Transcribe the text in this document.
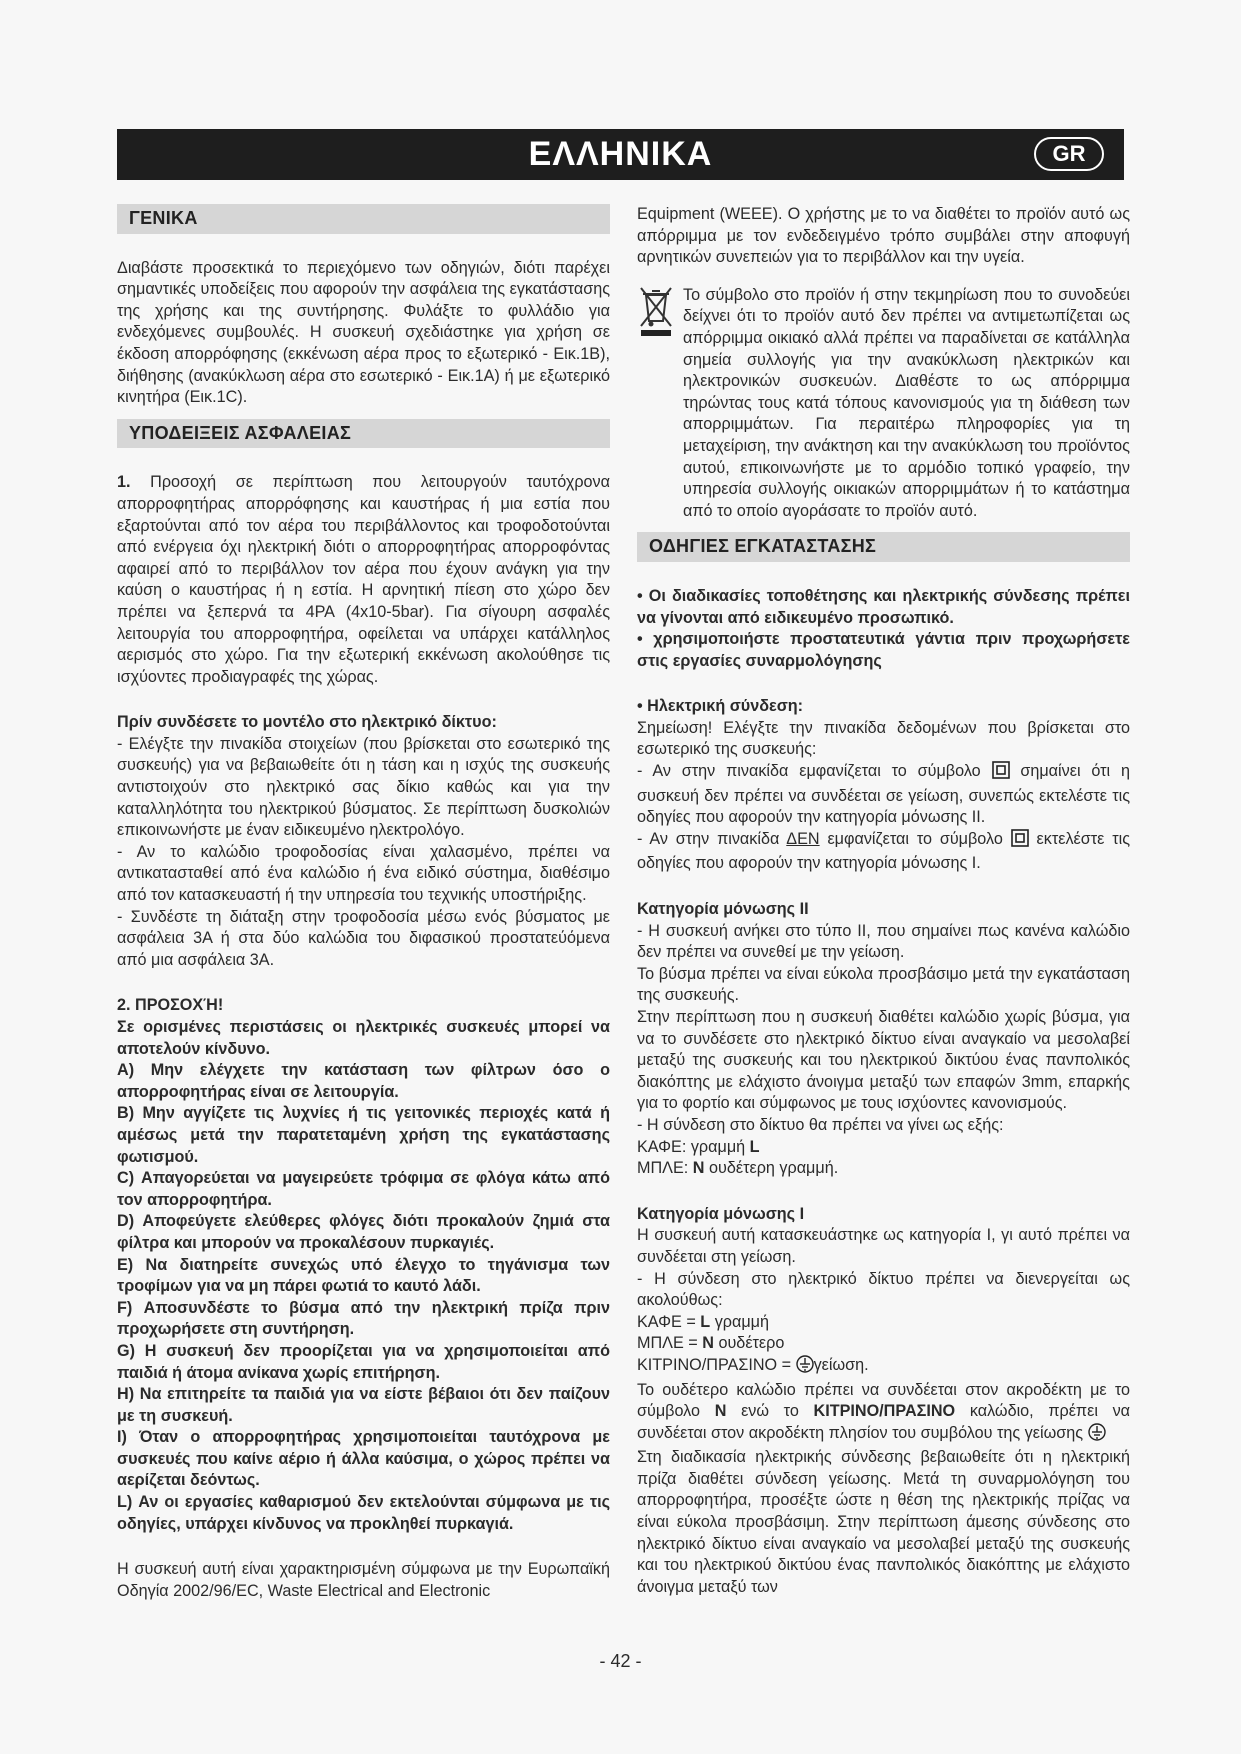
ΕΛΛΗΝΙΚΑ	GR
ΓΕΝΙΚΑ

Διαβάστε προσεκτικά το περιεχόμενο των οδηγιών, διότι παρέχει σημαντικές υποδείξεις που αφορούν την ασφάλεια της εγκατάστασης της χρήσης και της συντήρησης. Φυλάξτε το φυλλάδιο για ενδεχόμενες συμβουλές. Η συσκευή σχεδιάστηκε για χρήση σε έκδοση απορρόφησης (εκκένωση αέρα προς το εξωτερικό - Εικ.1B), διήθησης (ανακύκλωση αέρα στο εσωτερικό - Εικ.1A) ή με εξωτερικό κινητήρα (Εικ.1C).

ΥΠΟΔΕΙΞΕΙΣ ΑΣΦΑΛΕΙΑΣ

1. Προσοχή σε περίπτωση που λειτουργούν ταυτόχρονα απορροφητήρας απορρόφησης και καυστήρας ή μια εστία που εξαρτούνται από τον αέρα του περιβάλλοντος και τροφοδοτούνται από ενέργεια όχι ηλεκτρική διότι ο απορροφητήρας απορροφόντας αφαιρεί από το περιβάλλον τον αέρα που έχουν ανάγκη για την καύση ο καυστήρας ή η εστία. Η αρνητική πίεση στο χώρο δεν πρέπει να ξεπερνά τα 4PA (4x10-5bar). Για σίγουρη ασφαλές λειτουργία του απορροφητήρα, οφείλεται να υπάρχει κατάλληλος αερισμός στο χώρο. Για την εξωτερική εκκένωση ακολούθησε τις ισχύοντες προδιαγραφές της χώρας.

Πρίν συνδέσετε το μοντέλο στο ηλεκτρικό δίκτυο:

- Ελέγξτε την πινακίδα στοιχείων (που βρίσκεται στο εσωτερικό της συσκευής) για να βεβαιωθείτε ότι η τάση και η ισχύς της συσκευής αντιστοιχούν στο ηλεκτρικό σας δίκιο καθώς και για την καταλληλότητα του ηλεκτρικού βύσματος. Σε περίπτωση δυσκολιών επικοινωνήστε με έναν ειδικευμένο ηλεκτρολόγο.

- Αν το καλώδιο τροφοδοσίας είναι χαλασμένο, πρέπει να αντικατασταθεί από ένα καλώδιο ή ένα ειδικό σύστημα, διαθέσιμο από τον κατασκευαστή ή την υπηρεσία του τεχνικής υποστήριξης.

- Συνδέστε τη διάταξη στην τροφοδοσία μέσω ενός βύσματος με ασφάλεια 3A ή στα δύο καλώδια του διφασικού προστατεύόμενα από μια ασφάλεια 3A.

2. ΠΡΟΣΟΧΉ!

Σε ορισμένες περιστάσεις οι ηλεκτρικές συσκευές μπορεί να αποτελούν κίνδυνο.

A) Μην ελέγχετε την κατάσταση των φίλτρων όσο ο απορροφητήρας είναι σε λειτουργία.

B) Μην αγγίζετε τις λυχνίες ή τις γειτονικές περιοχές κατά ή αμέσως μετά την παρατεταμένη χρήση της εγκατάστασης φωτισμού.

C) Απαγορεύεται να μαγειρεύετε τρόφιμα σε φλόγα κάτω από τον απορροφητήρα.

D) Αποφεύγετε ελεύθερες φλόγες διότι προκαλούν ζημιά στα φίλτρα και μπορούν να προκαλέσουν πυρκαγιές.

E) Να διατηρείτε συνεχώς υπό έλεγχο το τηγάνισμα των τροφίμων για να μη πάρει φωτιά το καυτό λάδι.

F) Αποσυνδέστε το βύσμα από την ηλεκτρική πρίζα πριν προχωρήσετε στη συντήρηση.

G) Η συσκευή δεν προορίζεται για να χρησιμοποιείται από παιδιά ή άτομα ανίκανα χωρίς επιτήρηση.

H) Να επιτηρείτε τα παιδιά για να είστε βέβαιοι ότι δεν παίζουν με τη συσκευή.

I) Όταν ο απορροφητήρας χρησιμοποιείται ταυτόχρονα με συσκευές που καίνε αέριο ή άλλα καύσιμα, ο χώρος πρέπει να αερίζεται δεόντως.

L) Αν οι εργασίες καθαρισμού δεν εκτελούνται σύμφωνα με τις οδηγίες, υπάρχει κίνδυνος να προκληθεί πυρκαγιά.

Η συσκευή αυτή είναι χαρακτηρισμένη σύμφωνα με την Ευρωπαϊκή Οδηγία 2002/96/EC, Waste Electrical and Electronic

Equipment (WEEE). Ο χρήστης με το να διαθέτει το προϊόν αυτό ως απόρριμμα με τον ενδεδειγμένο τρόπο συμβάλει στην αποφυγή αρνητικών συνεπειών για το περιβάλλον και την υγεία.

Το σύμβολο στο προϊόν ή στην τεκμηρίωση που το συνοδεύει δείχνει ότι το προϊόν αυτό δεν πρέπει να αντιμετωπίζεται ως απόρριμμα οικιακό αλλά πρέπει να παραδίνεται σε κατάλληλα σημεία συλλογής για την ανακύκλωση ηλεκτρικών και ηλεκτρονικών συσκευών. Διαθέστε το ως απόρριμμα τηρώντας τους κατά τόπους κανονισμούς για τη διάθεση των απορριμμάτων. Για περαιτέρω πληροφορίες για τη μεταχείριση, την ανάκτηση και την ανακύκλωση του προϊόντος αυτού, επικοινωνήστε με το αρμόδιο τοπικό γραφείο, την υπηρεσία συλλογής οικιακών απορριμμάτων ή το κατάστημα από το οποίο αγοράσατε το προϊόν αυτό.

ΟΔΗΓΙΕΣ ΕΓΚΑΤΑΣΤΑΣΗΣ

• Οι διαδικασίες τοποθέτησης και ηλεκτρικής σύνδεσης πρέπει να γίνονται από ειδικευμένο προσωπικό.

• χρησιμοποιήστε προστατευτικά γάντια πριν προχωρήσετε στις εργασίες συναρμολόγησης

• Ηλεκτρική σύνδεση:

Σημείωση! Ελέγξτε την πινακίδα δεδομένων που βρίσκεται στο εσωτερικό της συσκευής:

- Αν στην πινακίδα εμφανίζεται το σύμβολο σημαίνει ότι η συσκευή δεν πρέπει να συνδέεται σε γείωση, συνεπώς εκτελέστε τις οδηγίες που αφορούν την κατηγορία μόνωσης II.

- Αν στην πινακίδα ΔΕΝ εμφανίζεται το σύμβολο εκτελέστε τις οδηγίες που αφορούν την κατηγορία μόνωσης I.

Κατηγορία μόνωσης II

- Η συσκευή ανήκει στο τύπο II, που σημαίνει πως κανένα καλώδιο δεν πρέπει να συνεθεί με την γείωση.

Το βύσμα πρέπει να είναι εύκολα προσβάσιμο μετά την εγκατάσταση της συσκευής.

Στην περίπτωση που η συσκευή διαθέτει καλώδιο χωρίς βύσμα, για να το συνδέσετε στο ηλεκτρικό δίκτυο είναι αναγκαίο να μεσολαβεί μεταξύ της συσκευής και του ηλεκτρικού δικτύου ένας πανπολικός διακόπτης με ελάχιστο άνοιγμα μεταξύ των επαφών 3mm, επαρκής για το φορτίο και σύμφωνος με τους ισχύοντες κανονισμούς.

- Η σύνδεση στο δίκτυο θα πρέπει να γίνει ως εξής:

ΚΑΦΕ: γραμμή L

ΜΠΛΕ: N ουδέτερη γραμμή.

Κατηγορία μόνωσης I

Η συσκευή αυτή κατασκευάστηκε ως κατηγορία I, γι αυτό πρέπει να συνδέεται στη γείωση.

- Η σύνδεση στο ηλεκτρικό δίκτυο πρέπει να διενεργείται ως ακολούθως:

ΚΑΦΕ = L γραμμή

ΜΠΛΕ = N ουδέτερο

ΚΙΤΡΙΝΟ/ΠΡΑΣΙΝΟ = γείωση.

Το ουδέτερο καλώδιο πρέπει να συνδέεται στον ακροδέκτη με το σύμβολο N ενώ το ΚΙΤΡΙΝΟ/ΠΡΑΣΙΝΟ καλώδιο, πρέπει να συνδέεται στον ακροδέκτη πλησίον του συμβόλου της γείωσης

Στη διαδικασία ηλεκτρικής σύνδεσης βεβαιωθείτε ότι η ηλεκτρική πρίζα διαθέτει σύνδεση γείωσης. Μετά τη συναρμολόγηση του απορροφητήρα, προσέξτε ώστε η θέση της ηλεκτρικής πρίζας να είναι εύκολα προσβάσιμη. Στην περίπτωση άμεσης σύνδεσης στο ηλεκτρικό δίκτυο είναι αναγκαίο να μεσολαβεί μεταξύ της συσκευής και του ηλεκτρικού δικτύου ένας πανπολικός διακόπτης με ελάχιστο άνοιγμα μεταξύ των

- 42 -
